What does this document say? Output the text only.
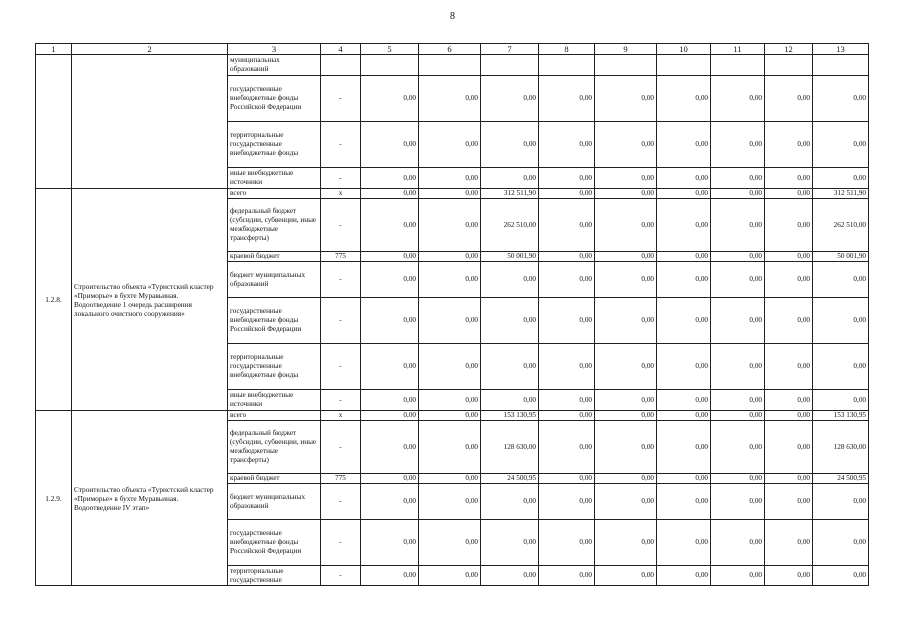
8
1	2	3	4	5	6	7	8	9	10	11	12	13
		муниципальных образований										
		государственные внебюджетные фонды Российской Федерации	-	0,00	0,00	0,00	0,00	0,00	0,00	0,00	0,00	0,00
		территориальные государственные внебюджетные фонды	-	0,00	0,00	0,00	0,00	0,00	0,00	0,00	0,00	0,00
		иные внебюджетные источники	-	0,00	0,00	0,00	0,00	0,00	0,00	0,00	0,00	0,00
1.2.8.	Строительство объекта «Туристский кластер «Приморье» в бухте Муравьиная. Водоотведение 1 очередь расширения локального очистного сооружения»	всего	x	0,00	0,00	312 511,90	0,00	0,00	0,00	0,00	0,00	312 511,90
		федеральный бюджет (субсидии, субвенции, иные межбюджетные трансферты)	-	0,00	0,00	262 510,00	0,00	0,00	0,00	0,00	0,00	262 510,00
		краевой бюджет	775	0,00	0,00	50 001,90	0,00	0,00	0,00	0,00	0,00	50 001,90
		бюджет муниципальных образований	-	0,00	0,00	0,00	0,00	0,00	0,00	0,00	0,00	0,00
		государственные внебюджетные фонды Российской Федерации	-	0,00	0,00	0,00	0,00	0,00	0,00	0,00	0,00	0,00
		территориальные государственные внебюджетные фонды	-	0,00	0,00	0,00	0,00	0,00	0,00	0,00	0,00	0,00
		иные внебюджетные источники	-	0,00	0,00	0,00	0,00	0,00	0,00	0,00	0,00	0,00
1.2.9.	Строительство объекта «Туристский кластер «Приморье» в бухте Муравьиная. Водоотведение IV этап»	всего	x	0,00	0,00	153 130,95	0,00	0,00	0,00	0,00	0,00	153 130,95
		федеральный бюджет (субсидии, субвенции, иные межбюджетные трансферты)	-	0,00	0,00	128 630,00	0,00	0,00	0,00	0,00	0,00	128 630,00
		краевой бюджет	775	0,00	0,00	24 500,95	0,00	0,00	0,00	0,00	0,00	24 500,95
		бюджет муниципальных образований	-	0,00	0,00	0,00	0,00	0,00	0,00	0,00	0,00	0,00
		государственные внебюджетные фонды Российской Федерации	-	0,00	0,00	0,00	0,00	0,00	0,00	0,00	0,00	0,00
		территориальные государственные	-	0,00	0,00	0,00	0,00	0,00	0,00	0,00	0,00	0,00
